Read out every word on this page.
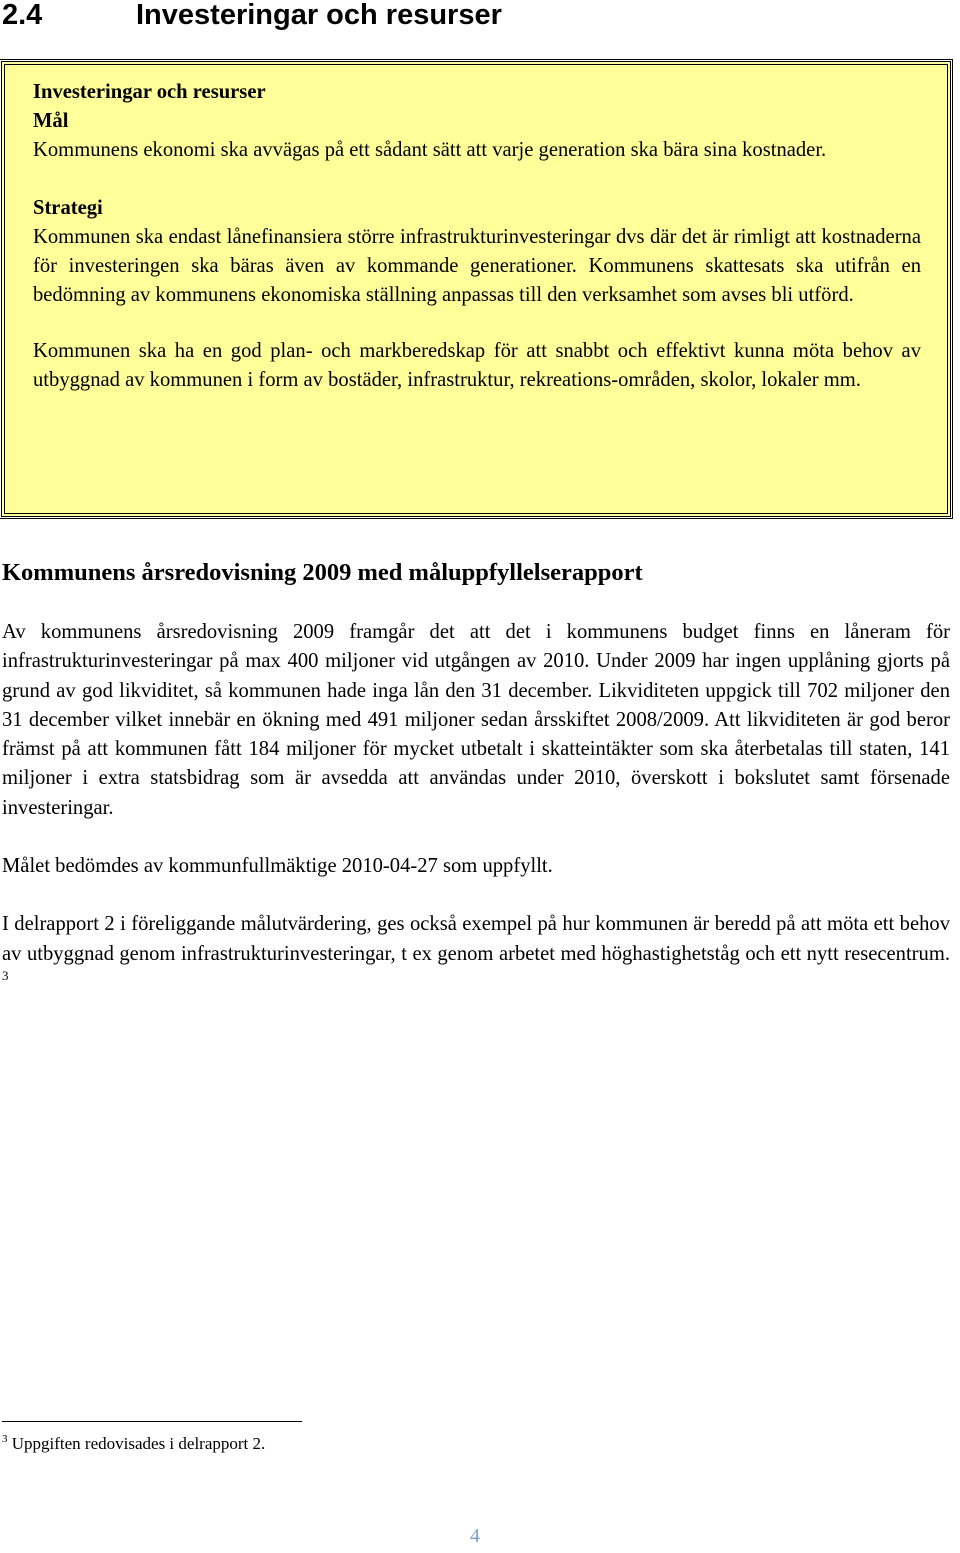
2.4	Investeringar och resurser

Investeringar och resurser

Mål

Kommunens ekonomi ska avvägas på ett sådant sätt att varje generation ska bära sina kostnader.

Strategi

Kommunen ska endast lånefinansiera större infrastrukturinvesteringar dvs där det är rimligt att kostnaderna för investeringen ska bäras även av kommande generationer. Kommunens skattesats ska utifrån en bedömning av kommunens ekonomiska ställning anpassas till den verksamhet som avses bli utförd.

Kommunen ska ha en god plan- och markberedskap för att snabbt och effektivt kunna möta behov av utbyggnad av kommunen i form av bostäder, infrastruktur, rekreations-områden, skolor, lokaler mm.

Kommunens årsredovisning 2009 med måluppfyllelserapport

Av kommunens årsredovisning 2009 framgår det att det i kommunens budget finns en låneram för infrastrukturinvesteringar på max 400 miljoner vid utgången av 2010. Under 2009 har ingen upplåning gjorts på grund av god likviditet, så kommunen hade inga lån den 31 december. Likviditeten uppgick till 702 miljoner den 31 december vilket innebär en ökning med 491 miljoner sedan årsskiftet 2008/2009. Att likviditeten är god beror främst på att kommunen fått 184 miljoner för mycket utbetalt i skatteintäkter som ska återbetalas till staten, 141 miljoner i extra statsbidrag som är avsedda att användas under 2010, överskott i bokslutet samt försenade investeringar.

Målet bedömdes av kommunfullmäktige 2010-04-27 som uppfyllt.

I delrapport 2 i föreliggande målutvärdering, ges också exempel på hur kommunen är beredd på att möta ett behov av utbyggnad genom infrastrukturinvesteringar, t ex genom arbetet med höghastighetståg och ett nytt resecentrum. $^3$

$^3$ Uppgiften redovisades i delrapport 2.
4
